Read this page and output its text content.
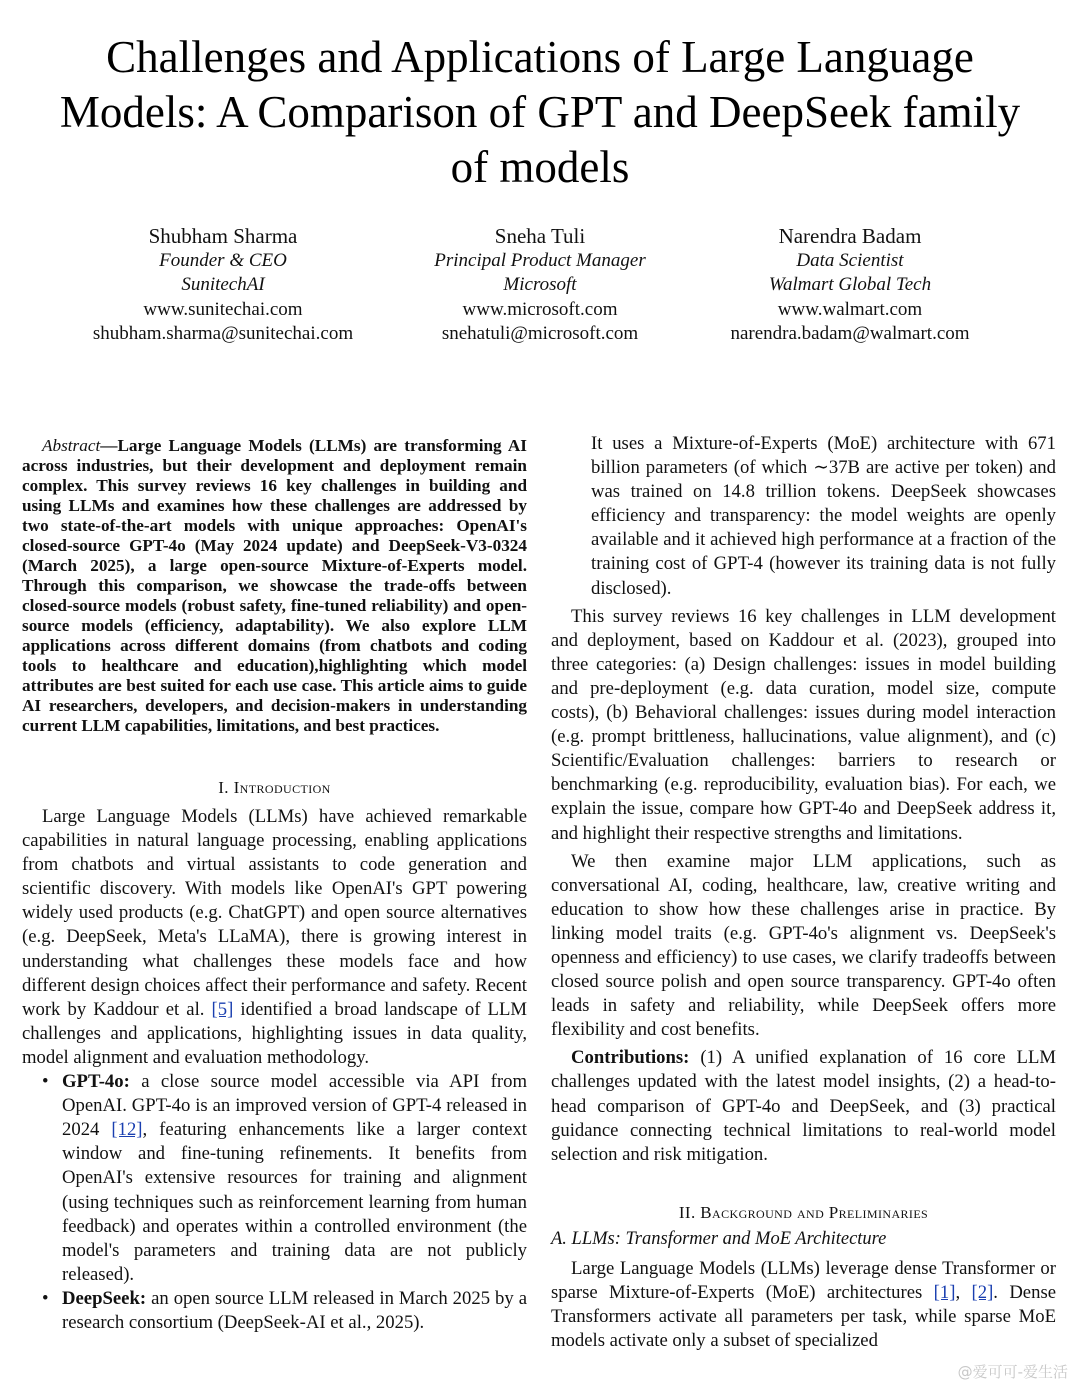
Challenges and Applications of Large Language Models: A Comparison of GPT and DeepSeek family of models
Shubham Sharma
Founder & CEO
SunitechAI
www.sunitechai.com
shubham.sharma@sunitechai.com
Sneha Tuli
Principal Product Manager
Microsoft
www.microsoft.com
snehatuli@microsoft.com
Narendra Badam
Data Scientist
Walmart Global Tech
www.walmart.com
narendra.badam@walmart.com

Abstract—Large Language Models (LLMs) are transforming AI across industries, but their development and deployment remain complex. This survey reviews 16 key challenges in building and using LLMs and examines how these challenges are addressed by two state-of-the-art models with unique approaches: OpenAI's closed-source GPT-4o (May 2024 update) and DeepSeek-V3-0324 (March 2025), a large open-source Mixture-of-Experts model. Through this comparison, we showcase the trade-offs between closed-source models (robust safety, fine-tuned reliability) and open-source models (efficiency, adaptability). We also explore LLM applications across different domains (from chatbots and coding tools to healthcare and education),highlighting which model attributes are best suited for each use case. This article aims to guide AI researchers, developers, and decision-makers in understanding current LLM capabilities, limitations, and best practices.

I. Introduction

Large Language Models (LLMs) have achieved remarkable capabilities in natural language processing, enabling applications from chatbots and virtual assistants to code generation and scientific discovery. With models like OpenAI's GPT powering widely used products (e.g. ChatGPT) and open source alternatives (e.g. DeepSeek, Meta's LLaMA), there is growing interest in understanding what challenges these models face and how different design choices affect their performance and safety. Recent work by Kaddour et al. [5] identified a broad landscape of LLM challenges and applications, highlighting issues in data quality, model alignment and evaluation methodology.

• GPT-4o: a close source model accessible via API from OpenAI. GPT-4o is an improved version of GPT-4 released in 2024 [12], featuring enhancements like a larger context window and fine-tuning refinements. It benefits from OpenAI's extensive resources for training and alignment (using techniques such as reinforcement learning from human feedback) and operates within a controlled environment (the model's parameters and training data are not publicly released).
• DeepSeek: an open source LLM released in March 2025 by a research consortium (DeepSeek-AI et al., 2025).

It uses a Mixture-of-Experts (MoE) architecture with 671 billion parameters (of which ∼37B are active per token) and was trained on 14.8 trillion tokens. DeepSeek showcases efficiency and transparency: the model weights are openly available and it achieved high performance at a fraction of the training cost of GPT-4 (however its training data is not fully disclosed).

This survey reviews 16 key challenges in LLM development and deployment, based on Kaddour et al. (2023), grouped into three categories: (a) Design challenges: issues in model building and pre-deployment (e.g. data curation, model size, compute costs), (b) Behavioral challenges: issues during model interaction (e.g. prompt brittleness, hallucinations, value alignment), and (c) Scientific/Evaluation challenges: barriers to research or benchmarking (e.g. reproducibility, evaluation bias). For each, we explain the issue, compare how GPT-4o and DeepSeek address it, and highlight their respective strengths and limitations.

We then examine major LLM applications, such as conversational AI, coding, healthcare, law, creative writing and education to show how these challenges arise in practice. By linking model traits (e.g. GPT-4o's alignment vs. DeepSeek's openness and efficiency) to use cases, we clarify tradeoffs between closed source polish and open source transparency. GPT-4o often leads in safety and reliability, while DeepSeek offers more flexibility and cost benefits.

Contributions: (1) A unified explanation of 16 core LLM challenges updated with the latest model insights, (2) a head-to-head comparison of GPT-4o and DeepSeek, and (3) practical guidance connecting technical limitations to real-world model selection and risk mitigation.

II. Background and Preliminaries

A. LLMs: Transformer and MoE Architecture

Large Language Models (LLMs) leverage dense Transformer or sparse Mixture-of-Experts (MoE) architectures [1], [2]. Dense Transformers activate all parameters per task, while sparse MoE models activate only a subset of specialized

@爱可可-爱生活
